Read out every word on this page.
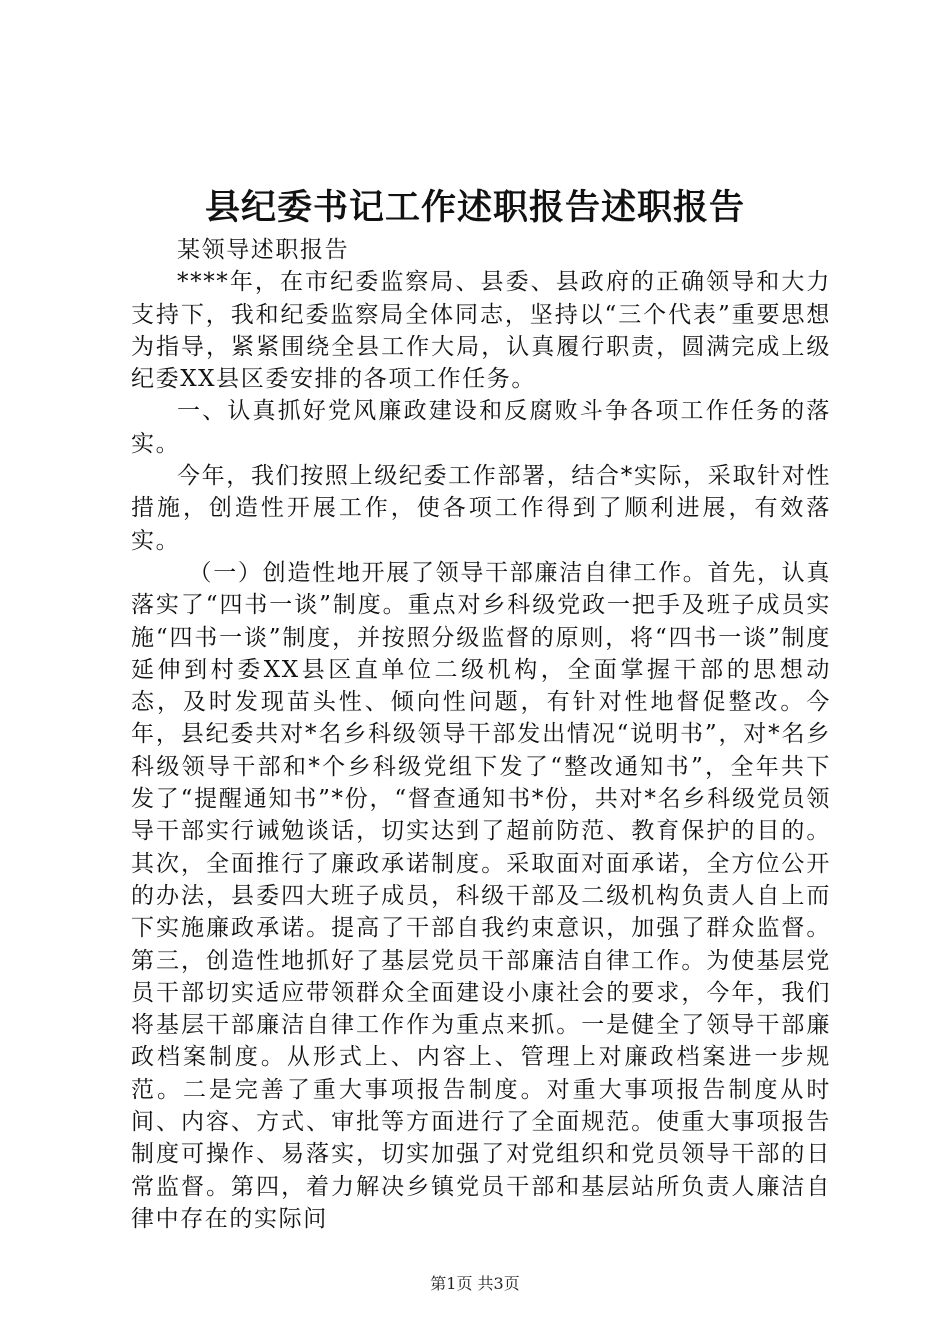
县纪委书记工作述职报告述职报告

某领导述职报告

****年，在市纪委监察局、县委、县政府的正确领导和大力支持下，我和纪委监察局全体同志，坚持以“三个代表”重要思想为指导，紧紧围绕全县工作大局，认真履行职责，圆满完成上级纪委XX县区委安排的各项工作任务。

一、认真抓好党风廉政建设和反腐败斗争各项工作任务的落实。

今年，我们按照上级纪委工作部署，结合*实际，采取针对性措施，创造性开展工作，使各项工作得到了顺利进展，有效落实。

（一）创造性地开展了领导干部廉洁自律工作。首先，认真落实了“四书一谈”制度。重点对乡科级党政一把手及班子成员实施“四书一谈”制度，并按照分级监督的原则，将“四书一谈”制度延伸到村委XX县区直单位二级机构，全面掌握干部的思想动态，及时发现苗头性、倾向性问题，有针对性地督促整改。今年，县纪委共对*名乡科级领导干部发出情况“说明书”，对*名乡科级领导干部和*个乡科级党组下发了“整改通知书”，全年共下发了“提醒通知书”*份，“督查通知书*份，共对*名乡科级党员领导干部实行诫勉谈话，切实达到了超前防范、教育保护的目的。其次，全面推行了廉政承诺制度。采取面对面承诺，全方位公开的办法，县委四大班子成员，科级干部及二级机构负责人自上而下实施廉政承诺。提高了干部自我约束意识，加强了群众监督。第三，创造性地抓好了基层党员干部廉洁自律工作。为使基层党员干部切实适应带领群众全面建设小康社会的要求，今年，我们将基层干部廉洁自律工作作为重点来抓。一是健全了领导干部廉政档案制度。从形式上、内容上、管理上对廉政档案进一步规范。二是完善了重大事项报告制度。对重大事项报告制度从时间、内容、方式、审批等方面进行了全面规范。使重大事项报告制度可操作、易落实，切实加强了对党组织和党员领导干部的日常监督。第四，着力解决乡镇党员干部和基层站所负责人廉洁自律中存在的实际问

第1页 共3页
